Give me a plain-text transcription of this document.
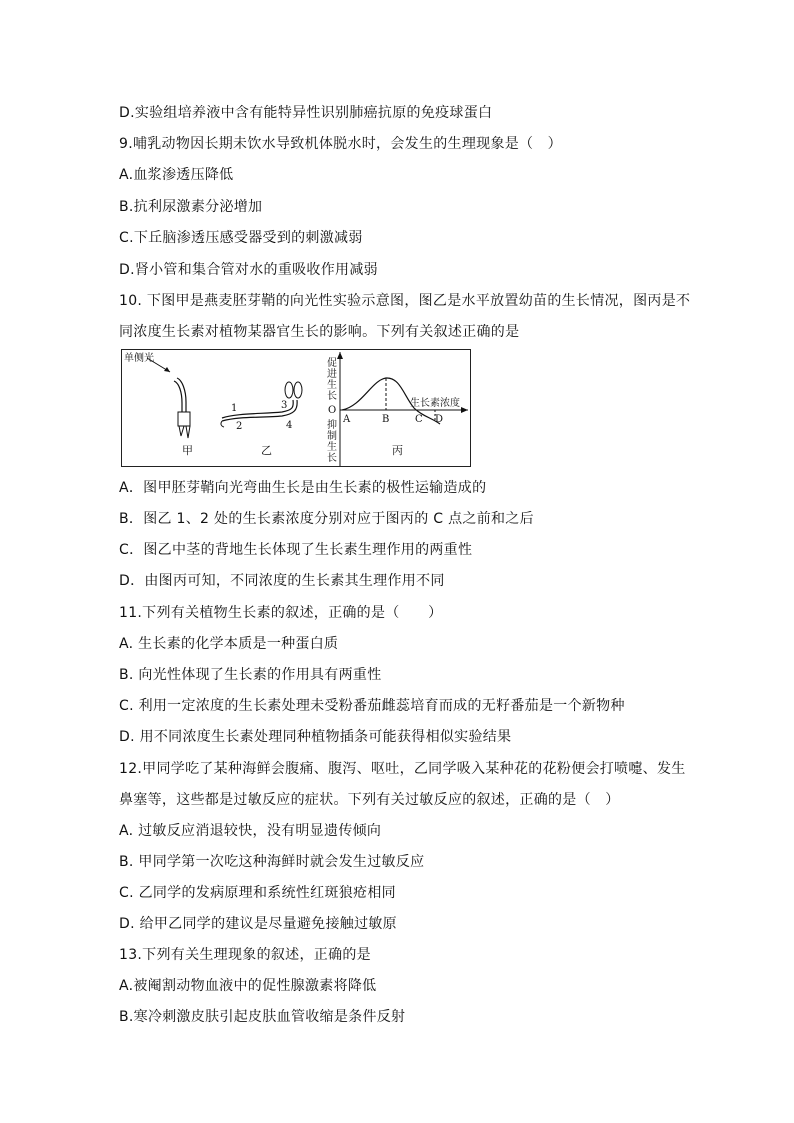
D.实验组培养液中含有能特异性识别肺癌抗原的免疫球蛋白
9.哺乳动物因长期未饮水导致机体脱水时，会发生的生理现象是（　）
A.血浆渗透压降低
B.抗利尿激素分泌增加
C.下丘脑渗透压感受器受到的刺激减弱
D.肾小管和集合管对水的重吸收作用减弱
10. 下图甲是燕麦胚芽鞘的向光性实验示意图，图乙是水平放置幼苗的生长情况，图丙是不
同浓度生长素对植物某器官生长的影响。下列有关叙述正确的是
单侧光
甲
1
2
3
4
乙
促
进
生
长
O
抑
制
生
长
生长素浓度
A	B	C D
丙
A．图甲胚芽鞘向光弯曲生长是由生长素的极性运输造成的
B．图乙 1、2 处的生长素浓度分别对应于图丙的 C 点之前和之后
C．图乙中茎的背地生长体现了生长素生理作用的两重性
D．由图丙可知，不同浓度的生长素其生理作用不同
11.下列有关植物生长素的叙述，正确的是（　　）
A. 生长素的化学本质是一种蛋白质
B. 向光性体现了生长素的作用具有两重性
C. 利用一定浓度的生长素处理未受粉番茄雌蕊培育而成的无籽番茄是一个新物种
D. 用不同浓度生长素处理同种植物插条可能获得相似实验结果
12.甲同学吃了某种海鲜会腹痛、腹泻、呕吐，乙同学吸入某种花的花粉便会打喷嚏、发生
鼻塞等，这些都是过敏反应的症状。下列有关过敏反应的叙述，正确的是（　）
A. 过敏反应消退较快，没有明显遗传倾向
B. 甲同学第一次吃这种海鲜时就会发生过敏反应
C. 乙同学的发病原理和系统性红斑狼疮相同
D. 给甲乙同学的建议是尽量避免接触过敏原
13.下列有关生理现象的叙述，正确的是
A.被阉割动物血液中的促性腺激素将降低
B.寒冷刺激皮肤引起皮肤血管收缩是条件反射
